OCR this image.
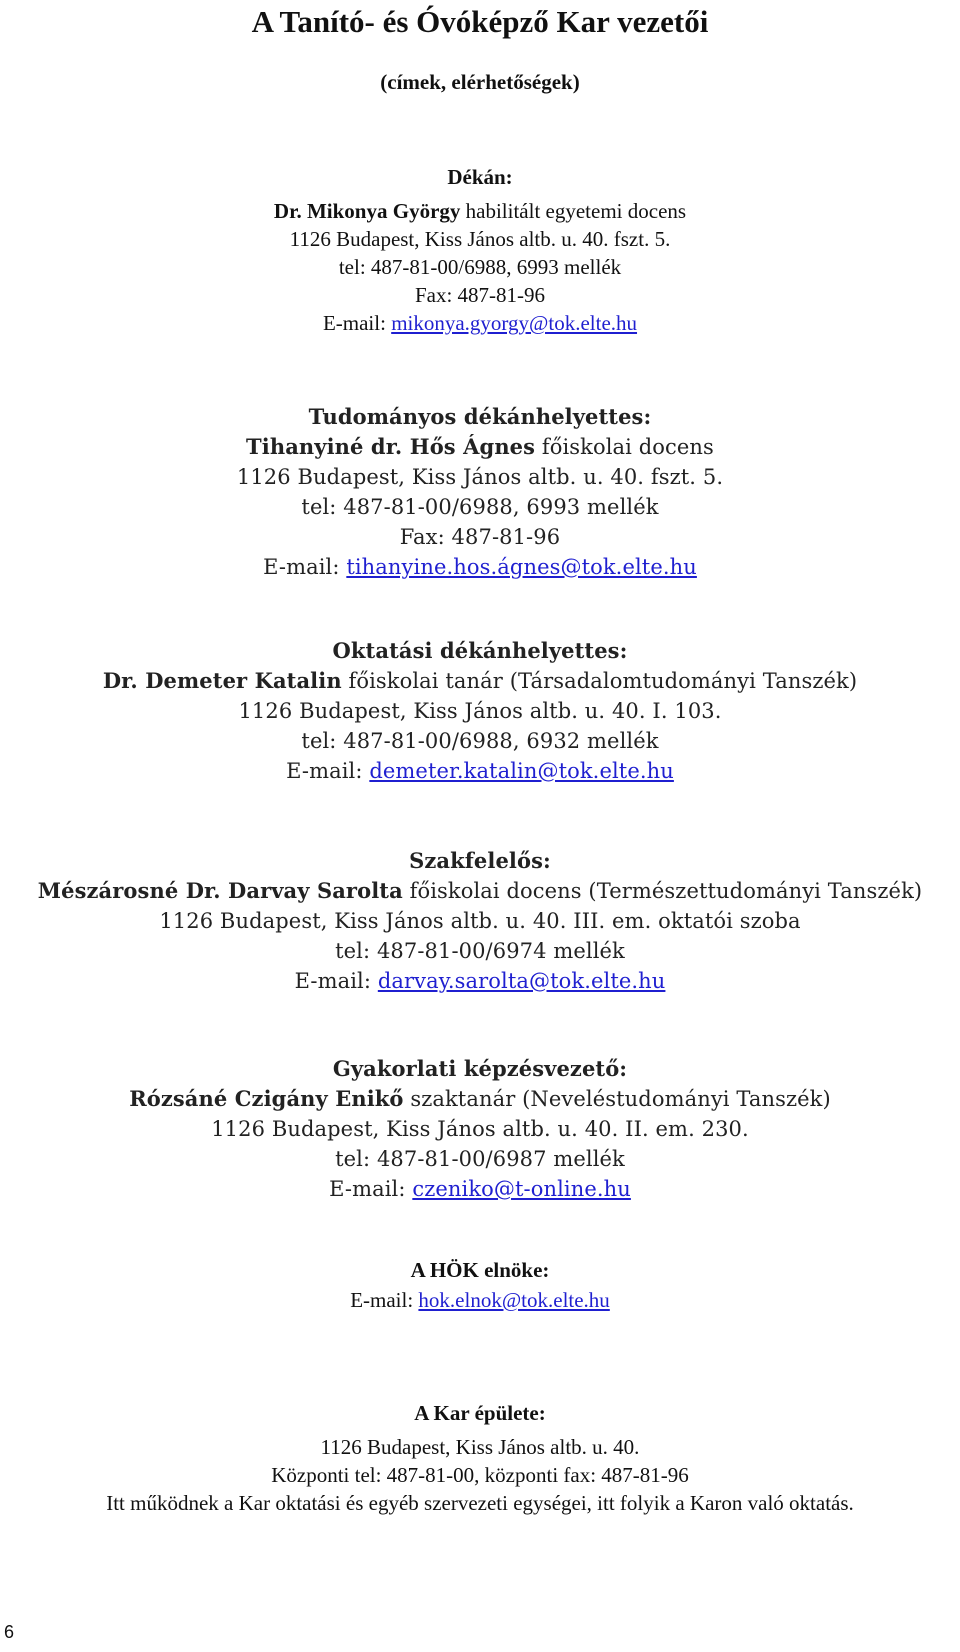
A Tanító- és Óvóképző Kar vezetői
(címek, elérhetőségek)
Dékán:
Dr. Mikonya György habilitált egyetemi docens
1126 Budapest, Kiss János altb. u. 40. fszt. 5.
tel: 487-81-00/6988, 6993 mellék
Fax: 487-81-96
E-mail: mikonya.gyorgy@tok.elte.hu
Tudományos dékánhelyettes:
Tihanyiné dr. Hős Ágnes főiskolai docens
1126 Budapest, Kiss János altb. u. 40. fszt. 5.
tel: 487-81-00/6988, 6993 mellék
Fax: 487-81-96
E-mail: tihanyine.hos.ágnes@tok.elte.hu
Oktatási dékánhelyettes:
Dr. Demeter Katalin főiskolai tanár (Társadalomtudományi Tanszék)
1126 Budapest, Kiss János altb. u. 40. I. 103.
tel: 487-81-00/6988, 6932 mellék
E-mail: demeter.katalin@tok.elte.hu
Szakfelelős:
Mészárosné Dr. Darvay Sarolta főiskolai docens (Természettudományi Tanszék)
1126 Budapest, Kiss János altb. u. 40. III. em. oktatói szoba
tel: 487-81-00/6974 mellék
E-mail: darvay.sarolta@tok.elte.hu
Gyakorlati képzésvezető:
Rózsáné Czigány Enikő szaktanár (Neveléstudományi Tanszék)
1126 Budapest, Kiss János altb. u. 40. II. em. 230.
tel: 487-81-00/6987 mellék
E-mail: czeniko@t-online.hu
A HÖK elnöke:
E-mail: hok.elnok@tok.elte.hu
A Kar épülete:
1126 Budapest, Kiss János altb. u. 40.
Központi tel: 487-81-00, központi fax: 487-81-96
Itt működnek a Kar oktatási és egyéb szervezeti egységei, itt folyik a Karon való oktatás.
6
